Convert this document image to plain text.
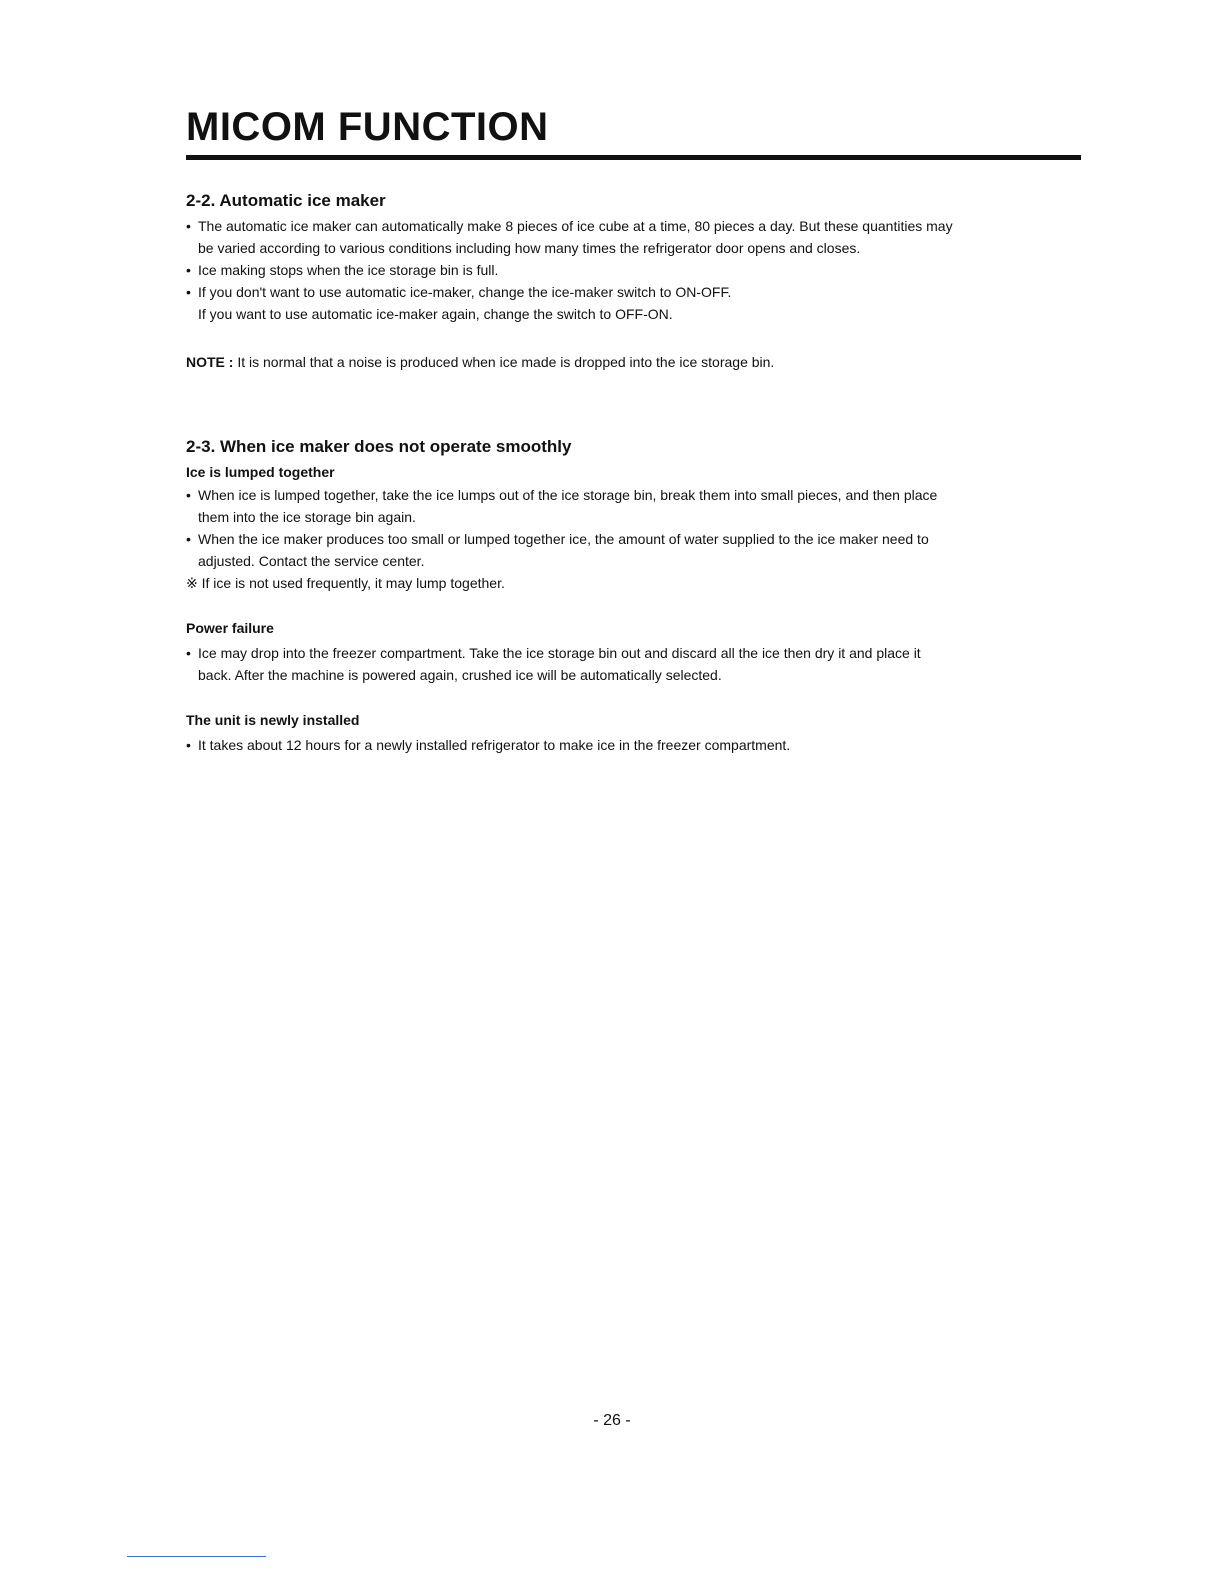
MICOM FUNCTION
2-2. Automatic ice maker
• The automatic ice maker can automatically make 8 pieces of ice cube at a time, 80 pieces a day. But these quantities may
be varied according to various conditions including how many times the refrigerator door opens and closes.
• Ice making stops when the ice storage bin is full.
• If you don't want to use automatic ice-maker, change the ice-maker switch to ON-OFF.
If you want to use automatic ice-maker again, change the switch to OFF-ON.

NOTE : It is normal that a noise is produced when ice made is dropped into the ice storage bin.

2-3. When ice maker does not operate smoothly
Ice is lumped together
• When ice is lumped together, take the ice lumps out of the ice storage bin, break them into small pieces, and then place
them into the ice storage bin again.
• When the ice maker produces too small or lumped together ice, the amount of water supplied to the ice maker need to
adjusted. Contact the service center.

※ If ice is not used frequently, it may lump together.

Power failure
• Ice may drop into the freezer compartment. Take the ice storage bin out and discard all the ice then dry it and place it
back. After the machine is powered again, crushed ice will be automatically selected.
The unit is newly installed
• It takes about 12 hours for a newly installed refrigerator to make ice in the freezer compartment.
- 26 -
